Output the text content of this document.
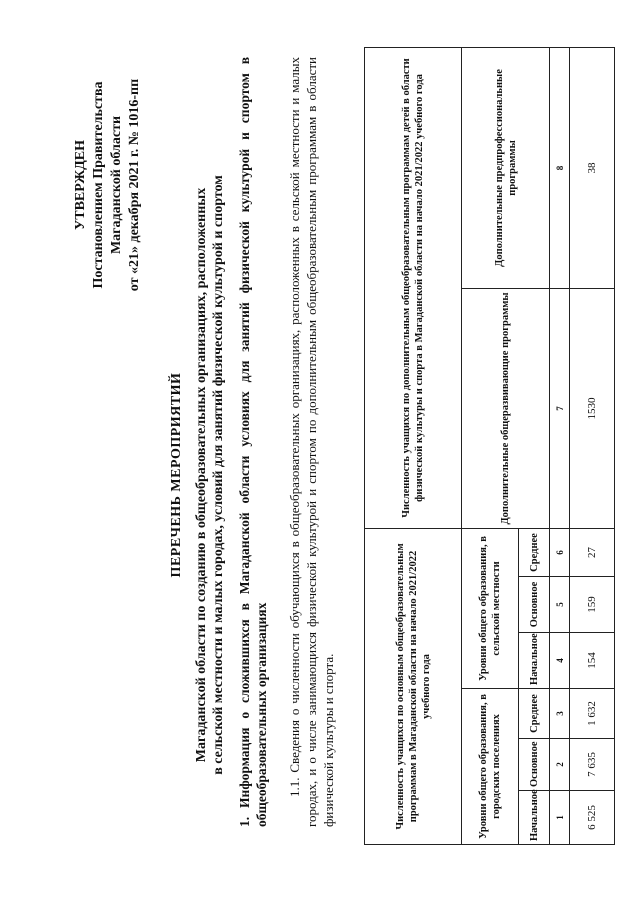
УТВЕРЖДЕН Постановлением Правительства Магаданской области от «21» декабря 2021 г. № 1016-пп
ПЕРЕЧЕНЬ МЕРОПРИЯТИЙ Магаданской области по созданию в общеобразовательных организациях, расположенных в сельской местности и малых городах, условий для занятий физической культурой и спортом 1. Информация о сложившихся в Магаданской области условиях для занятий физической культурой и спортом в общеобразовательных организациях 1.1. Сведения о численности обучающихся в общеобразовательных организациях, расположенных в сельской местности и малых городах, и о числе занимающихся физической культурой и спортом по дополнительным общеобразовательным программам в области физической культуры и спорта.	Численность учащихся по основным общеобразовательным программам в Магаданской области на начало 2021/2022 учебного года						Численность учащихся по дополнительным общеобразовательным программам детей в области физической культуры и спорта в Магаданской области на начало 2021/2022 учебного года	
Уровни общего образования, в городских поселениях			Уровни общего образования, в сельской местности			Дополнительные общеразвивающие программы	Дополнительные предпрофессиональные программы
Начальное	Основное	Среднее	Начальное	Основное	Среднее		
1	2	3	4	5	6	7	8
6 525	7 635	1 632	154	159	27	1530	38
